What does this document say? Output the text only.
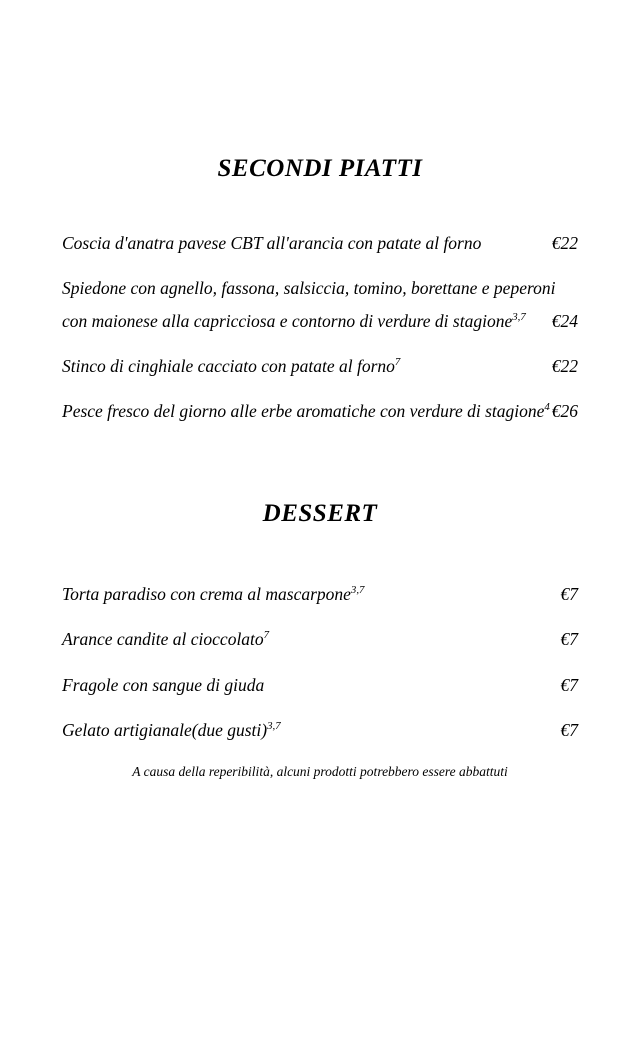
SECONDI PIATTI
Coscia d'anatra pavese CBT all'arancia con patate al forno	€22
Spiedone con agnello, fassona, salsiccia, tomino, borettane e peperoni con maionese alla capricciosa e contorno di verdure di stagione$^{3,7}$	€24
Stinco di cinghiale cacciato con patate al forno$^7$	€22
Pesce fresco del giorno alle erbe aromatiche con verdure di stagione$^4$ €26
DESSERT
Torta paradiso con crema al mascarpone$^{3,7}$	€7
Arance candite al cioccolato$^7$	€7
Fragole con sangue di giuda	€7
Gelato artigianale(due gusti)$^{3,7}$	€7
A causa della reperibilità, alcuni prodotti potrebbero essere abbattuti
